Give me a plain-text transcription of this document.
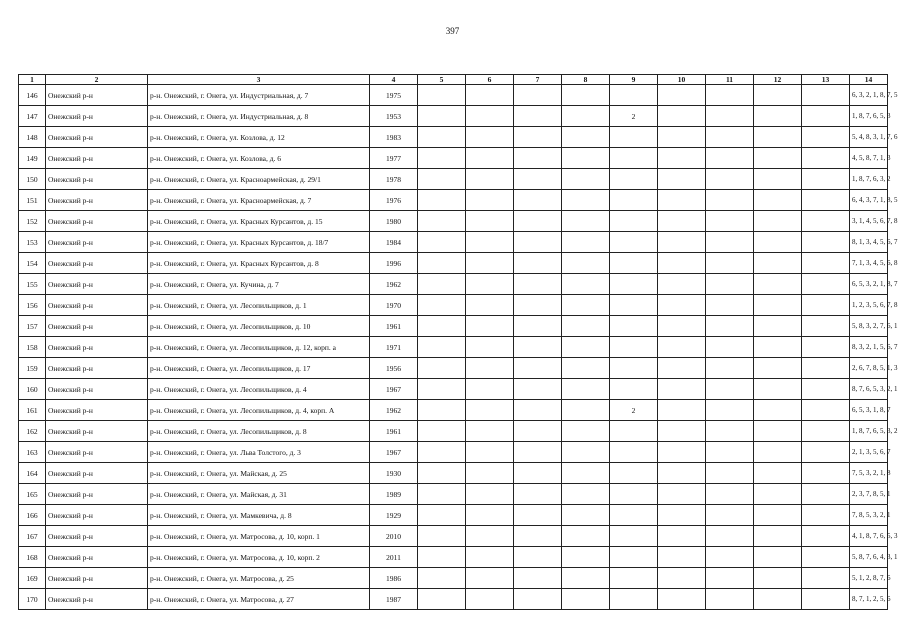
397
1	2	3	4	5	6	7	8	9	10	11	12	13	14
146	Онежский р-н	р-н. Онежский, г. Онега, ул. Индустриальная, д. 7	1975										6, 3, 2, 1, 8, 7, 5
147	Онежский р-н	р-н. Онежский, г. Онега, ул. Индустриальная, д. 8	1953					2					1, 8, 7, 6, 5, 3
148	Онежский р-н	р-н. Онежский, г. Онега, ул. Козлова, д. 12	1983										5, 4, 8, 3, 1, 7, 6
149	Онежский р-н	р-н. Онежский, г. Онега, ул. Козлова, д. 6	1977										4, 5, 8, 7, 1, 3
150	Онежский р-н	р-н. Онежский, г. Онега, ул. Красноармейская, д. 29/1	1978										1, 8, 7, 6, 3, 2
151	Онежский р-н	р-н. Онежский, г. Онега, ул. Красноармейская, д. 7	1976										6, 4, 3, 7, 1, 8, 5
152	Онежский р-н	р-н. Онежский, г. Онега, ул. Красных Курсантов, д. 15	1980										3, 1, 4, 5, 6, 7, 8
153	Онежский р-н	р-н. Онежский, г. Онега, ул. Красных Курсантов, д. 18/7	1984										8, 1, 3, 4, 5, 6, 7
154	Онежский р-н	р-н. Онежский, г. Онега, ул. Красных Курсантов, д. 8	1996										7, 1, 3, 4, 5, 6, 8
155	Онежский р-н	р-н. Онежский, г. Онега, ул. Кучина, д. 7	1962										6, 5, 3, 2, 1, 8, 7
156	Онежский р-н	р-н. Онежский, г. Онега, ул. Лесопильщиков, д. 1	1970										1, 2, 3, 5, 6, 7, 8
157	Онежский р-н	р-н. Онежский, г. Онега, ул. Лесопильщиков, д. 10	1961										5, 8, 3, 2, 7, 6, 1
158	Онежский р-н	р-н. Онежский, г. Онега, ул. Лесопильщиков, д. 12, корп. а	1971										8, 3, 2, 1, 5, 6, 7
159	Онежский р-н	р-н. Онежский, г. Онега, ул. Лесопильщиков, д. 17	1956										2, 6, 7, 8, 5, 1, 3
160	Онежский р-н	р-н. Онежский, г. Онега, ул. Лесопильщиков, д. 4	1967										8, 7, 6, 5, 3, 2, 1
161	Онежский р-н	р-н. Онежский, г. Онега, ул. Лесопильщиков, д. 4, корп. А	1962					2					6, 5, 3, 1, 8, 7
162	Онежский р-н	р-н. Онежский, г. Онега, ул. Лесопильщиков, д. 8	1961										1, 8, 7, 6, 5, 3, 2
163	Онежский р-н	р-н. Онежский, г. Онега, ул. Льва Толстого, д. 3	1967										2, 1, 3, 5, 6, 7
164	Онежский р-н	р-н. Онежский, г. Онега, ул. Майская, д. 25	1930										7, 5, 3, 2, 1, 8
165	Онежский р-н	р-н. Онежский, г. Онега, ул. Майская, д. 31	1989										2, 3, 7, 8, 5, 1
166	Онежский р-н	р-н. Онежский, г. Онега, ул. Мамкевича, д. 8	1929										7, 8, 5, 3, 2, 1
167	Онежский р-н	р-н. Онежский, г. Онега, ул. Матросова, д. 10, корп. 1	2010										4, 1, 8, 7, 6, 5, 3
168	Онежский р-н	р-н. Онежский, г. Онега, ул. Матросова, д. 10, корп. 2	2011										5, 8, 7, 6, 4, 3, 1
169	Онежский р-н	р-н. Онежский, г. Онега, ул. Матросова, д. 25	1986										5, 1, 2, 8, 7, 6
170	Онежский р-н	р-н. Онежский, г. Онега, ул. Матросова, д. 27	1987										8, 7, 1, 2, 5, 6
